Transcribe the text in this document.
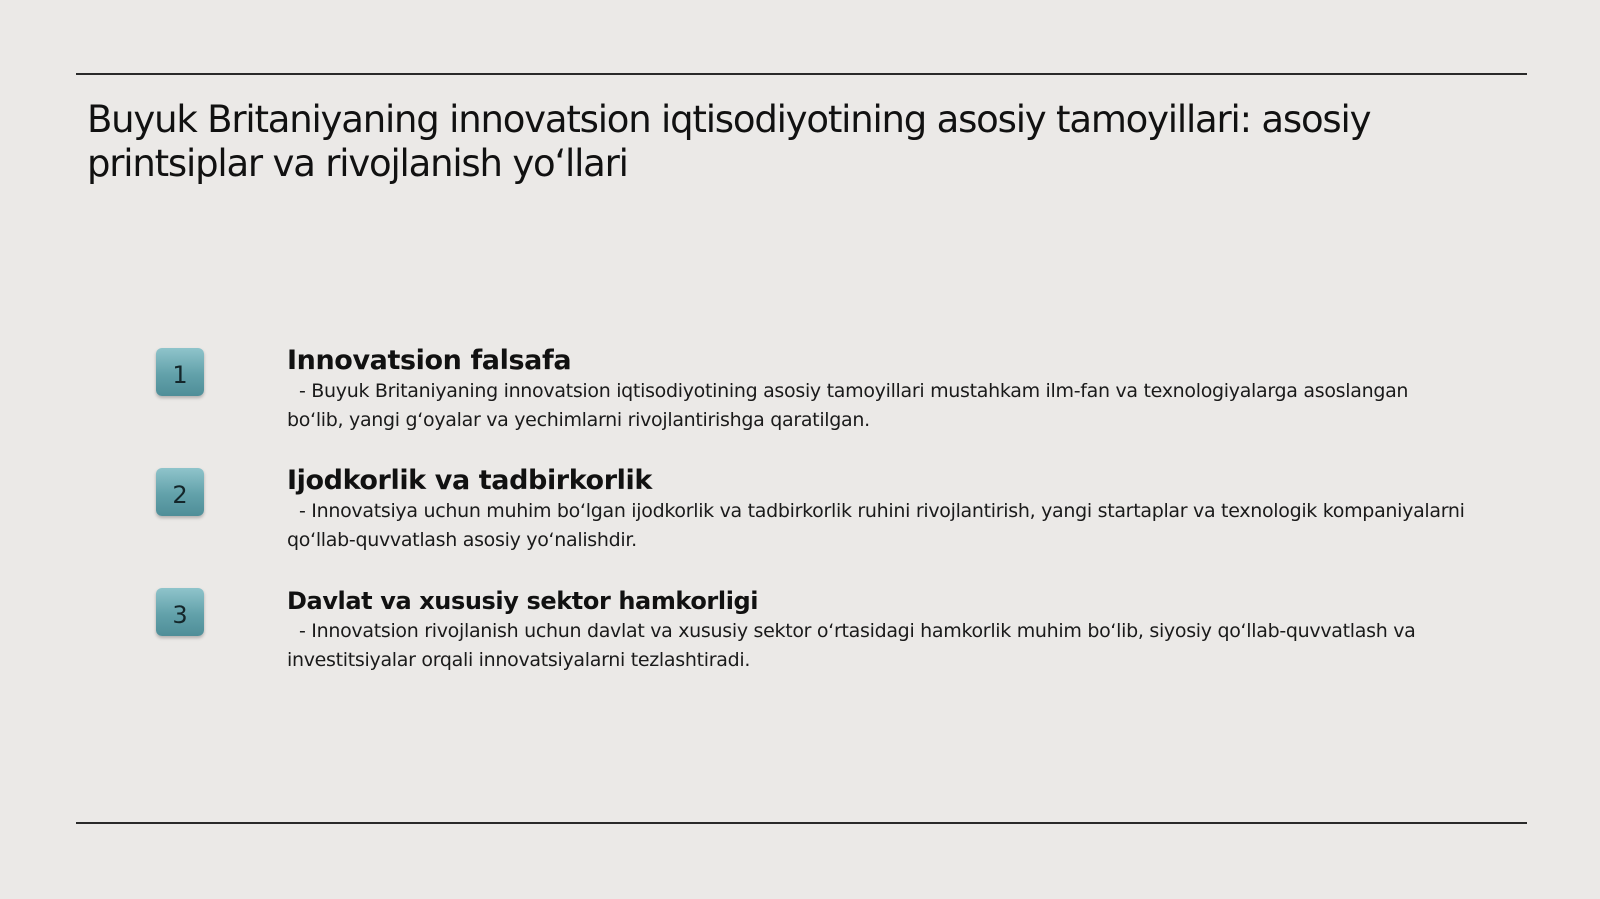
Buyuk Britaniyaning innovatsion iqtisodiyotining asosiy tamoyillari: asosiy printsiplar va rivojlanish yo‘llari
1	Innovatsion falsafa

- Buyuk Britaniyaning innovatsion iqtisodiyotining asosiy tamoyillari mustahkam ilm-fan va texnologiyalarga asoslangan bo‘lib, yangi g‘oyalar va yechimlarni rivojlantirishga qaratilgan.

2	Ijodkorlik va tadbirkorlik

- Innovatsiya uchun muhim bo‘lgan ijodkorlik va tadbirkorlik ruhini rivojlantirish, yangi startaplar va texnologik kompaniyalarni qo‘llab-quvvatlash asosiy yo‘nalishdir.

3	Davlat va xususiy sektor hamkorligi

- Innovatsion rivojlanish uchun davlat va xususiy sektor o‘rtasidagi hamkorlik muhim bo‘lib, siyosiy qo‘llab-quvvatlash va investitsiyalar orqali innovatsiyalarni tezlashtiradi.
